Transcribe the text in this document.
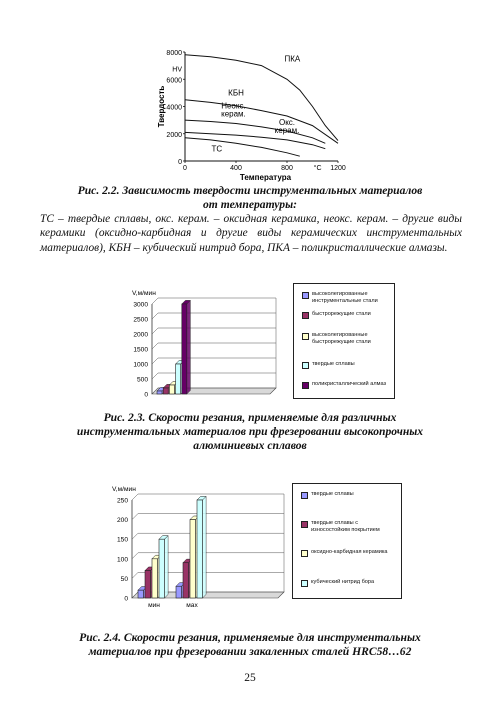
0
2000
4000
6000
8000
HV
0	400	800	1200
°C
Температура
Твердость
ПКА
КБН
Неокс.
керам.
Окс.
керам.
ТС
Рис. 2.2. Зависимость твердости инструментальных материалов
от температуры:
ТС – твердые сплавы, окс. керам. – оксидная керамика, неокс. керам. – другие виды керамики (оксидно-карбидная и другие виды керамических инструментальных материалов), КБН – кубический нитрид бора, ПКА – поликристаллические алмазы.
0
500
1000
1500
2000
2500
3000
V,м/мин	высоколегированные инструментальные стали
быстрорежущие стали
высоколегированные быстрорежущие стали
твердые сплавы
поликристаллический алмаз
Рис. 2.3. Скорости резания, применяемые для различных
инструментальных материалов при фрезеровании высокопрочных
алюминиевых сплавов
0
50
100
150
200
250
V,м/мин
мин	мах
твердые сплавы
твердые сплавы с износостойким покрытием
оксидно-карбидная керамика
кубический нитрид бора
Рис. 2.4. Скорости резания, применяемые для инструментальных
материалов при фрезеровании закаленных сталей HRC58…62
25
